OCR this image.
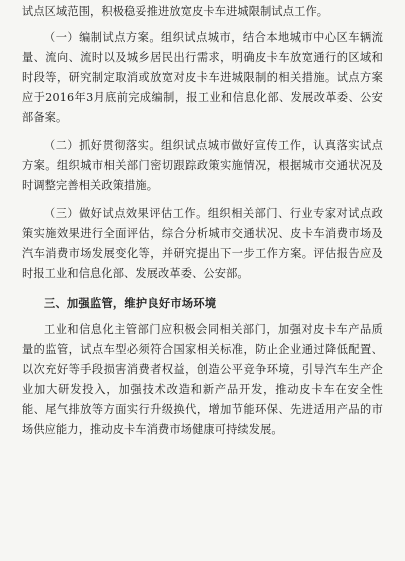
试点区域范围，积极稳妥推进放宽皮卡车进城限制试点工作。

（一）编制试点方案。组织试点城市，结合本地城市中心区车辆流量、流向、流时以及城乡居民出行需求，明确皮卡车放宽通行的区域和时段等，研究制定取消或放宽对皮卡车进城限制的相关措施。试点方案应于2016年3月底前完成编制，报工业和信息化部、发展改革委、公安部备案。

（二）抓好贯彻落实。组织试点城市做好宣传工作，认真落实试点方案。组织城市相关部门密切跟踪政策实施情况，根据城市交通状况及时调整完善相关政策措施。

（三）做好试点效果评估工作。组织相关部门、行业专家对试点政策实施效果进行全面评估，综合分析城市交通状况、皮卡车消费市场及汽车消费市场发展变化等，并研究提出下一步工作方案。评估报告应及时报工业和信息化部、发展改革委、公安部。

三、加强监管，维护良好市场环境

工业和信息化主管部门应积极会同相关部门，加强对皮卡车产品质量的监管，试点车型必须符合国家相关标准，防止企业通过降低配置、以次充好等手段损害消费者权益，创造公平竞争环境，引导汽车生产企业加大研发投入，加强技术改造和新产品开发，推动皮卡车在安全性能、尾气排放等方面实行升级换代，增加节能环保、先进适用产品的市场供应能力，推动皮卡车消费市场健康可持续发展。
